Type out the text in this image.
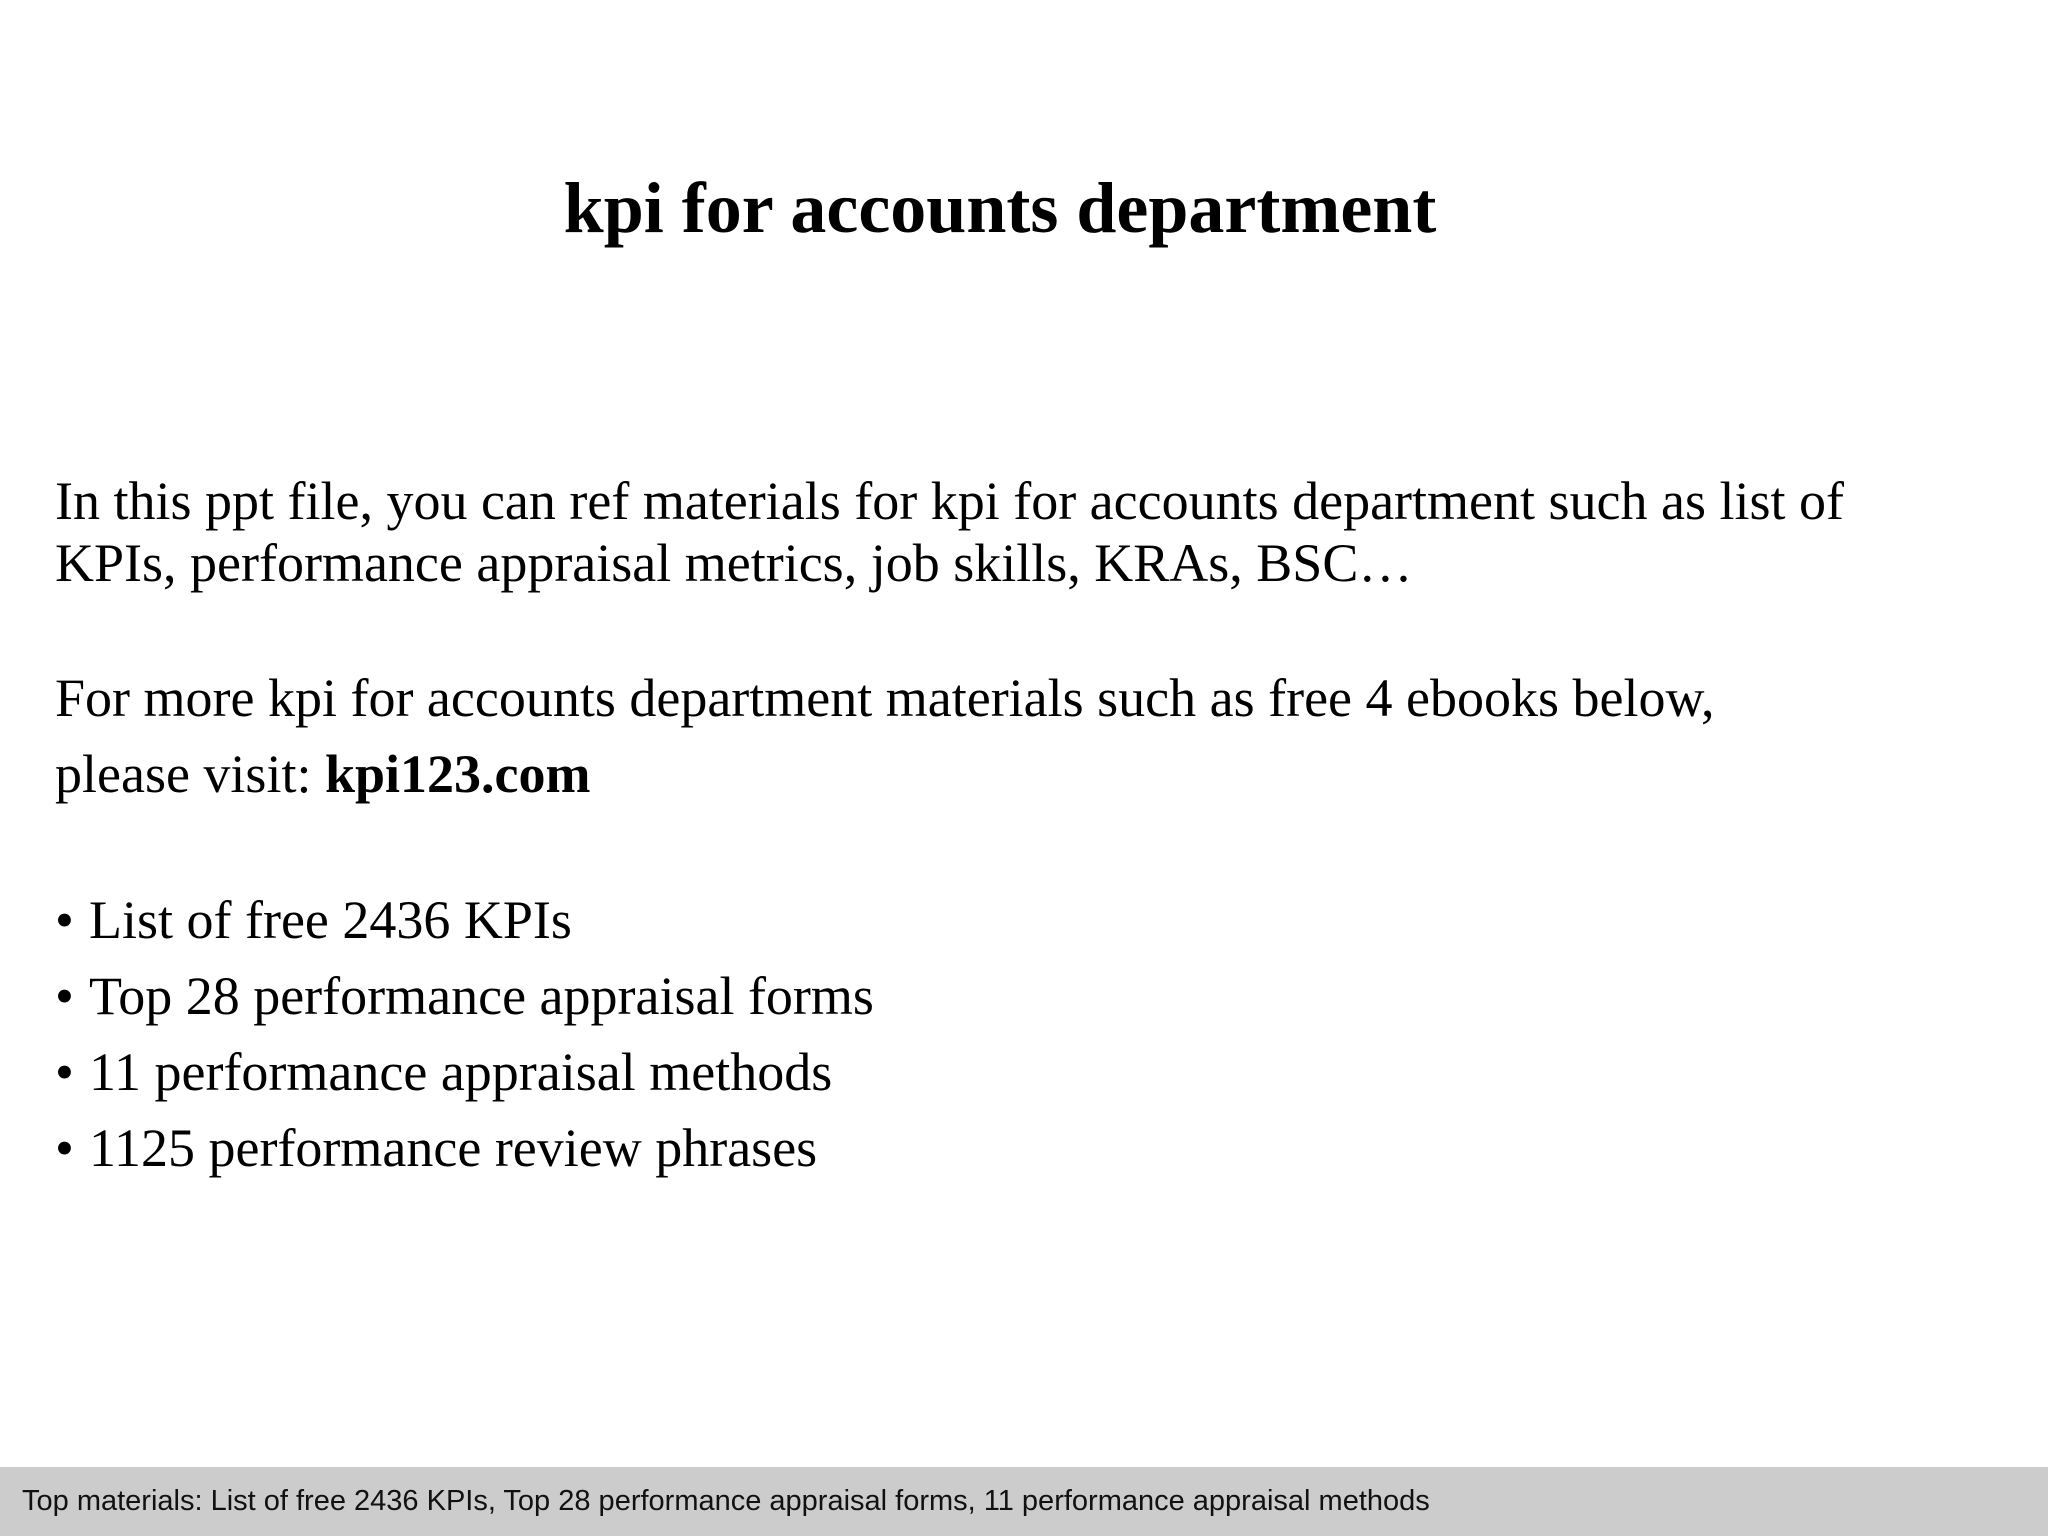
kpi for accounts department

In this ppt file, you can ref materials for kpi for accounts department such as list of
KPIs, performance appraisal metrics, job skills, KRAs, BSC…

For more kpi for accounts department materials such as free 4 ebooks below,
please visit: kpi123.com

• List of free 2436 KPIs
• Top 28 performance appraisal forms
• 11 performance appraisal methods
• 1125 performance review phrases
Top materials: List of free 2436 KPIs, Top 28 performance appraisal forms, 11 performance appraisal methods
